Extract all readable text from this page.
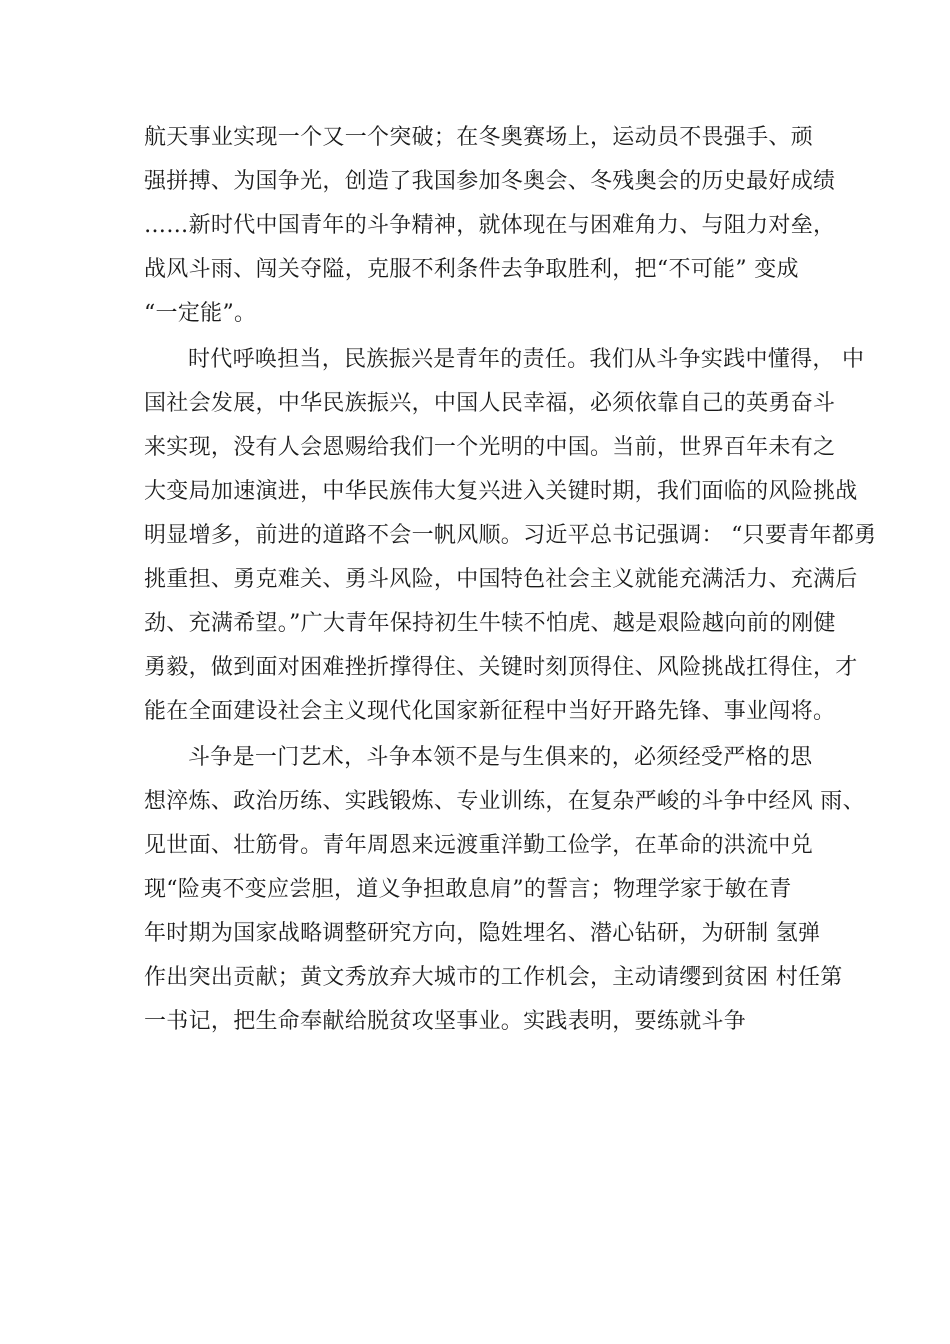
航天事业实现一个又一个突破；在冬奥赛场上，运动员不畏强手、顽
强拼搏、为国争光，创造了我国参加冬奥会、冬残奥会的历史最好成绩
……新时代中国青年的斗争精神，就体现在与困难角力、与阻力对垒，
战风斗雨、闯关夺隘，克服不利条件去争取胜利，把“不可能” 变成
“一定能”。
时代呼唤担当，民族振兴是青年的责任。我们从斗争实践中懂得， 中
国社会发展，中华民族振兴，中国人民幸福，必须依靠自己的英勇奋斗
来实现，没有人会恩赐给我们一个光明的中国。当前，世界百年未有之
大变局加速演进，中华民族伟大复兴进入关键时期，我们面临的风险挑战
明显增多，前进的道路不会一帆风顺。习近平总书记强调： “只要青年都勇
挑重担、勇克难关、勇斗风险，中国特色社会主义就能充满活力、充满后
劲、充满希望。”广大青年保持初生牛犊不怕虎、越是艰险越向前的刚健
勇毅，做到面对困难挫折撑得住、关键时刻顶得住、风险挑战扛得住，才
能在全面建设社会主义现代化国家新征程中当好开路先锋、事业闯将。
斗争是一门艺术，斗争本领不是与生俱来的，必须经受严格的思
想淬炼、政治历练、实践锻炼、专业训练，在复杂严峻的斗争中经风 雨、
见世面、壮筋骨。青年周恩来远渡重洋勤工俭学，在革命的洪流中兑
现“险夷不变应尝胆，道义争担敢息肩”的誓言；物理学家于敏在青
年时期为国家战略调整研究方向，隐姓埋名、潜心钻研，为研制 氢弹
作出突出贡献；黄文秀放弃大城市的工作机会，主动请缨到贫困 村任第
一书记，把生命奉献给脱贫攻坚事业。实践表明，要练就斗争
